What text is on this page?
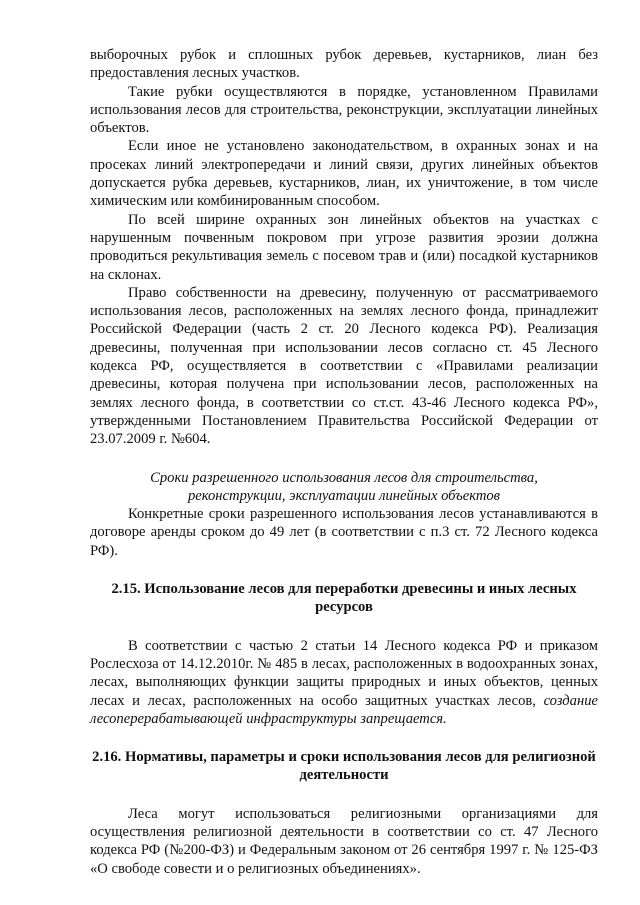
выборочных рубок и сплошных рубок деревьев, кустарников, лиан без предоставления лесных участков.

Такие рубки осуществляются в порядке, установленном Правилами использования лесов для строительства, реконструкции, эксплуатации линейных объектов.

Если иное не установлено законодательством, в охранных зонах и на просеках линий электропередачи и линий связи, других линейных объектов допускается рубка деревьев, кустарников, лиан, их уничтожение, в том числе химическим или комбинированным способом.

По всей ширине охранных зон линейных объектов на участках с нарушенным почвенным покровом при угрозе развития эрозии должна проводиться рекультивация земель с посевом трав и (или) посадкой кустарников на склонах.

Право собственности на древесину, полученную от рассматриваемого использования лесов, расположенных на землях лесного фонда, принадлежит Российской Федерации (часть 2 ст. 20 Лесного кодекса РФ). Реализация древесины, полученная при использовании лесов согласно ст. 45 Лесного кодекса РФ, осуществляется в соответствии с «Правилами реализации древесины, которая получена при использовании лесов, расположенных на землях лесного фонда, в соответствии со ст.ст. 43-46 Лесного кодекса РФ», утвержденными Постановлением Правительства Российской Федерации от 23.07.2009 г. №604.

Сроки разрешенного использования лесов для строительства,

реконструкции, эксплуатации линейных объектов

Конкретные сроки разрешенного использования лесов устанавливаются в договоре аренды сроком до 49 лет (в соответствии с п.3 ст. 72 Лесного кодекса РФ).

2.15. Использование лесов для переработки древесины и иных лесных ресурсов

В соответствии с частью 2 статьи 14 Лесного кодекса РФ и приказом Рослесхоза от 14.12.2010г. № 485 в лесах, расположенных в водоохранных зонах, лесах, выполняющих функции защиты природных и иных объектов, ценных лесах и лесах, расположенных на особо защитных участках лесов, создание лесоперерабатывающей инфраструктуры запрещается.

2.16. Нормативы, параметры и сроки использования лесов для религиозной деятельности

Леса могут использоваться религиозными организациями для осуществления религиозной деятельности в соответствии со ст. 47 Лесного кодекса РФ (№200-ФЗ) и Федеральным законом от 26 сентября 1997 г. № 125-ФЗ «О свободе совести и о религиозных объединениях».
